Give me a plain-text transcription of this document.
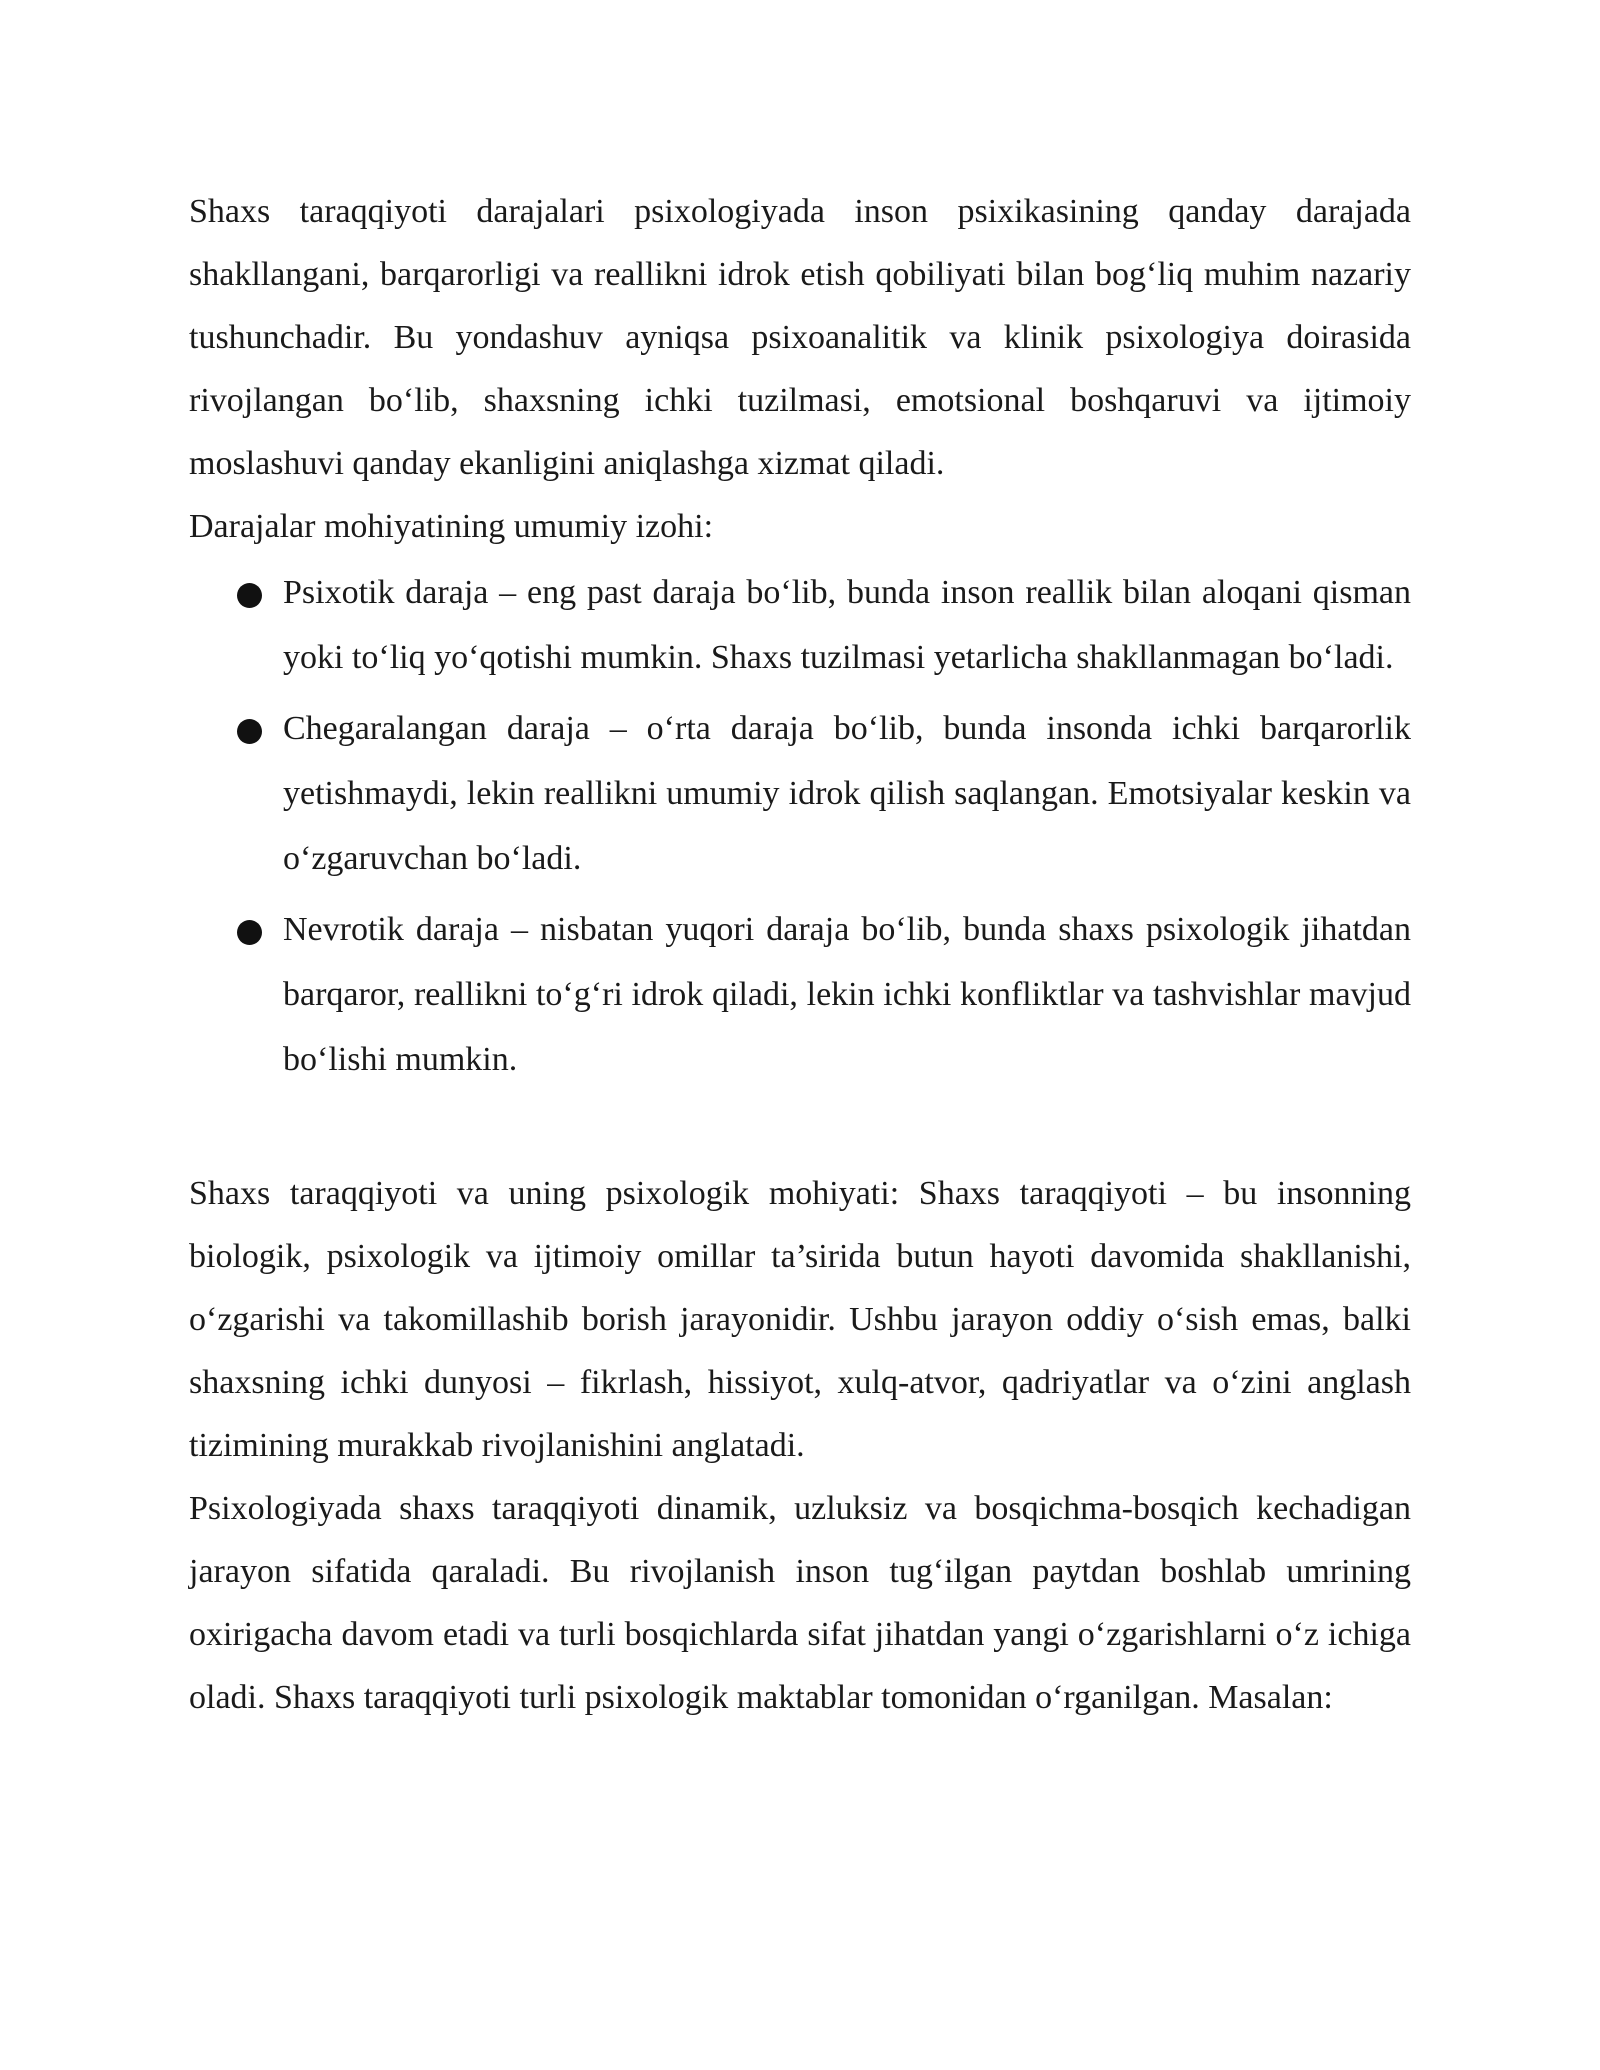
Shaxs taraqqiyoti darajalari psixologiyada inson psixikasining qanday darajada shakllangani, barqarorligi va reallikni idrok etish qobiliyati bilan bog‘liq muhim nazariy tushunchadir. Bu yondashuv ayniqsa psixoanalitik va klinik psixologiya doirasida rivojlangan bo‘lib, shaxsning ichki tuzilmasi, emotsional boshqaruvi va ijtimoiy moslashuvi qanday ekanligini aniqlashga xizmat qiladi.

Darajalar mohiyatining umumiy izohi:

Psixotik daraja – eng past daraja bo‘lib, bunda inson reallik bilan aloqani qisman yoki to‘liq yo‘qotishi mumkin. Shaxs tuzilmasi yetarlicha shakllanmagan bo‘ladi.
Chegaralangan daraja – o‘rta daraja bo‘lib, bunda insonda ichki barqarorlik yetishmaydi, lekin reallikni umumiy idrok qilish saqlangan. Emotsiyalar keskin va o‘zgaruvchan bo‘ladi.
Nevrotik daraja – nisbatan yuqori daraja bo‘lib, bunda shaxs psixologik jihatdan barqaror, reallikni to‘g‘ri idrok qiladi, lekin ichki konfliktlar va tashvishlar mavjud bo‘lishi mumkin.

Shaxs taraqqiyoti va uning psixologik mohiyati: Shaxs taraqqiyoti – bu insonning biologik, psixologik va ijtimoiy omillar ta’sirida butun hayoti davomida shakllanishi, o‘zgarishi va takomillashib borish jarayonidir. Ushbu jarayon oddiy o‘sish emas, balki shaxsning ichki dunyosi – fikrlash, hissiyot, xulq-atvor, qadriyatlar va o‘zini anglash tizimining murakkab rivojlanishini anglatadi.

Psixologiyada shaxs taraqqiyoti dinamik, uzluksiz va bosqichma-bosqich kechadigan jarayon sifatida qaraladi. Bu rivojlanish inson tug‘ilgan paytdan boshlab umrining oxirigacha davom etadi va turli bosqichlarda sifat jihatdan yangi o‘zgarishlarni o‘z ichiga oladi. Shaxs taraqqiyoti turli psixologik maktablar tomonidan o‘rganilgan. Masalan:
